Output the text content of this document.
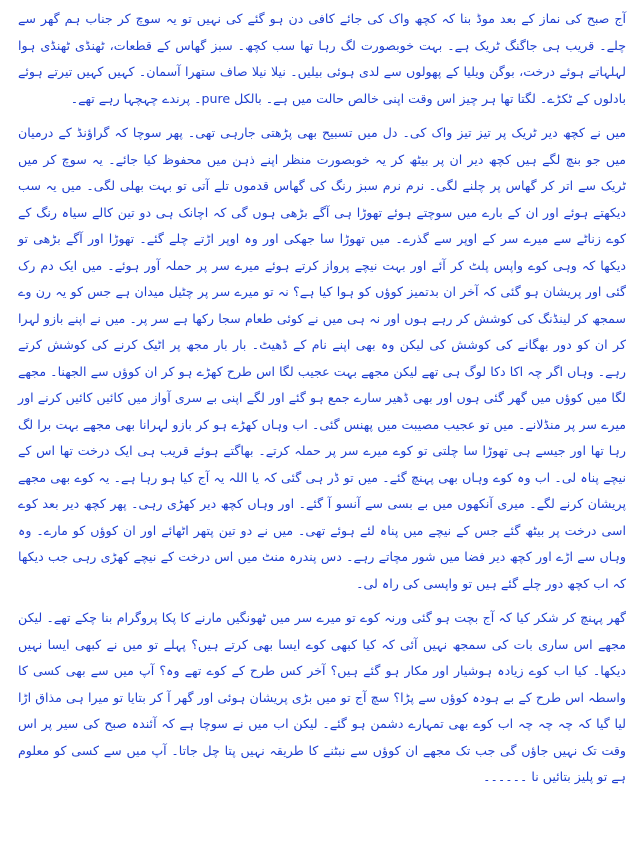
آج صبح کی نماز کے بعد موڈ بنا کہ کچھ واک کی جائے کافی دن ہو گئے کی نہیں تو یہ سوچ کر جناب ہم گھر سے چلے۔ قریب ہی جاگنگ ٹریک ہے۔ بہت خوبصورت لگ رہا تھا سب کچھ۔ سبز گھاس کے قطعات، ٹھنڈی ٹھنڈی ہوا لہلہاتے ہوئے درخت، بوگن ویلیا کے پھولوں سے لدی ہوئی بیلیں۔ نیلا نیلا صاف ستھرا آسمان۔ کہیں کہیں تیرتے ہوئے بادلوں کے ٹکڑے۔ لگتا تھا ہر چیز اس وقت اپنی خالص حالت میں ہے۔ بالکل pure۔ پرندے چہچہا رہے تھے۔

میں نے کچھ دیر ٹریک پر تیز تیز واک کی۔ دل میں تسبیح بھی پڑھتی جارہی تھی۔ پھر سوچا کہ گراؤنڈ کے درمیان میں جو بنچ لگے ہیں کچھ دیر ان پر بیٹھ کر یہ خوبصورت منظر اپنے ذہن میں محفوظ کیا جائے۔ یہ سوچ کر میں ٹریک سے اتر کر گھاس پر چلنے لگی۔ نرم نرم سبز رنگ کی گھاس قدموں تلے آتی تو بہت بھلی لگی۔ میں یہ سب دیکھتے ہوئے اور ان کے بارے میں سوچتے ہوئے تھوڑا ہی آگے بڑھی ہوں گی کہ اچانک ہی دو تین کالے سیاہ رنگ کے کوے زناٹے سے میرے سر کے اوپر سے گذرے۔ میں تھوڑا سا جھکی اور وہ اوپر اڑتے چلے گئے۔ تھوڑا اور آگے بڑھی تو دیکھا کہ وہی کوے واپس پلٹ کر آئے اور بہت نیچے پرواز کرتے ہوئے میرے سر پر حملہ آور ہوئے۔ میں ایک دم رک گئی اور پریشان ہو گئی کہ آخر ان بدتمیز کوؤں کو ہوا کیا ہے؟ نہ تو میرے سر پر چٹیل میدان ہے جس کو یہ رن وے سمجھ کر لینڈنگ کی کوشش کر رہے ہوں اور نہ ہی میں نے کوئی طعام سجا رکھا ہے سر پر۔ میں نے اپنے بازو لہرا کر ان کو دور بھگانے کی کوشش کی لیکن وہ بھی اپنے نام کے ڈھیٹ۔ بار بار مجھ پر اٹیک کرنے کی کوشش کرتے رہے۔ وہاں اگر چہ اکا دکا لوگ ہی تھے لیکن مجھے بہت عجیب لگا اس طرح کھڑے ہو کر ان کوؤں سے الجھنا۔ مجھے لگا میں کوؤں میں گھر گئی ہوں اور بھی ڈھیر سارے جمع ہو گئے اور لگے اپنی بے سری آواز میں کائیں کائیں کرنے اور میرے سر پر منڈلانے۔ میں تو عجیب مصیبت میں پھنس گئی۔ اب وہاں کھڑے ہو کر بازو لہرانا بھی مجھے بہت برا لگ رہا تھا اور جیسے ہی تھوڑا سا چلتی تو کوے میرے سر پر حملہ کرتے۔ بھاگتے ہوئے قریب ہی ایک درخت تھا اس کے نیچے پناہ لی۔ اب وہ کوے وہاں بھی پہنچ گئے۔ میں تو ڈر ہی گئی کہ یا اللہ یہ آج کیا ہو رہا ہے۔ یہ کوے بھی مجھے پریشان کرنے لگے۔ میری آنکھوں میں بے بسی سے آنسو آ گئے۔ اور وہاں کچھ دیر کھڑی رہی۔ پھر کچھ دیر بعد کوے اسی درخت پر بیٹھ گئے جس کے نیچے میں پناہ لئے ہوئے تھی۔ میں نے دو تین پتھر اٹھائے اور ان کوؤں کو مارے۔ وہ وہاں سے اڑے اور کچھ دیر فضا میں شور مچاتے رہے۔ دس پندرہ منٹ میں اس درخت کے نیچے کھڑی رہی جب دیکھا کہ اب کچھ دور چلے گئے ہیں تو واپسی کی راہ لی۔

گھر پہنچ کر شکر کیا کہ آج بچت ہو گئی ورنہ کوے تو میرے سر میں ٹھونگیں مارنے کا پکا پروگرام بنا چکے تھے۔ لیکن مجھے اس ساری بات کی سمجھ نہیں آئی کہ کیا کبھی کوے ایسا بھی کرتے ہیں؟ پہلے تو میں نے کبھی ایسا نہیں دیکھا۔ کیا اب کوے زیادہ ہوشیار اور مکار ہو گئے ہیں؟ آخر کس طرح کے کوے تھے وہ؟ آپ میں سے بھی کسی کا واسطہ اس طرح کے بے ہودہ کوؤں سے پڑا؟ سچ آج تو میں بڑی پریشان ہوئی اور گھر آ کر بتایا تو میرا ہی مذاق اڑا لیا گیا کہ چہ چہ چہ اب کوے بھی تمہارے دشمن ہو گئے۔ لیکن اب میں نے سوچا ہے کہ آئندہ صبح کی سیر پر اس وقت تک نہیں جاؤں گی جب تک مجھے ان کوؤں سے نبٹنے کا طریقہ نہیں پتا چل جاتا۔ آپ میں سے کسی کو معلوم ہے تو پلیز بتائیں نا ۔۔۔۔۔۔
